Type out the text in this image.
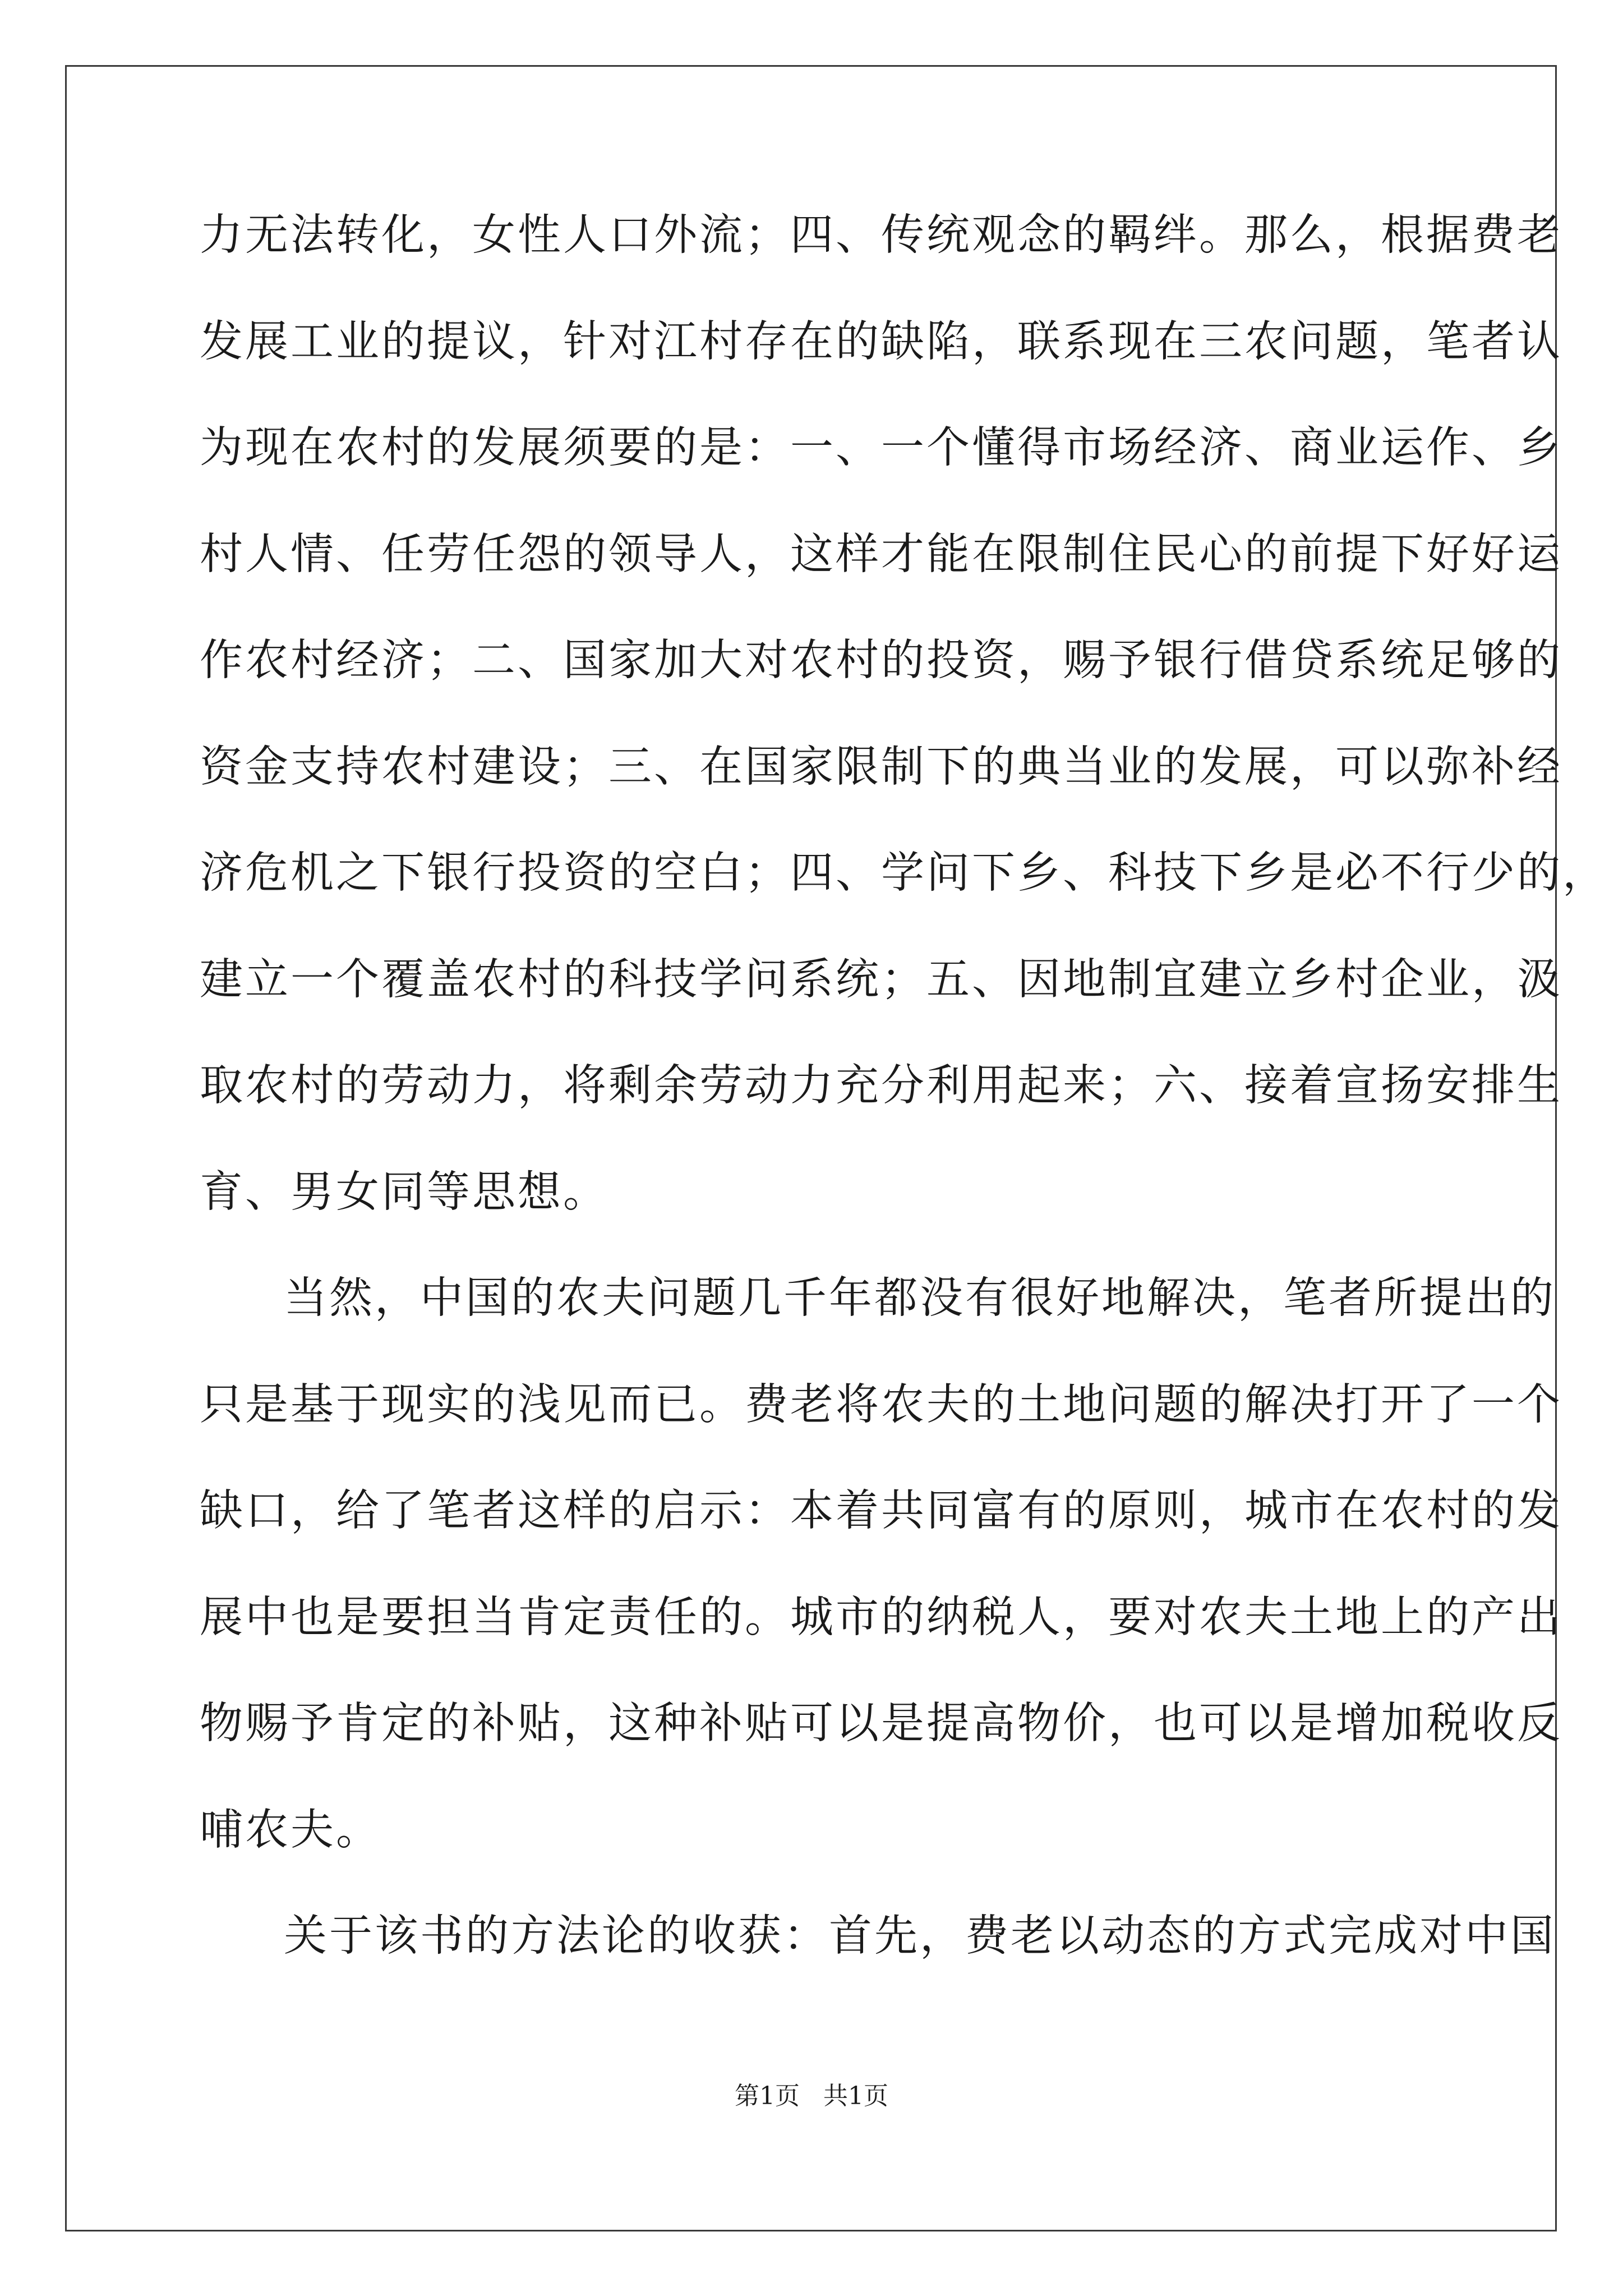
力无法转化，女性人口外流；四、传统观念的羁绊。那么，根据费老
发展工业的提议，针对江村存在的缺陷，联系现在三农问题，笔者认
为现在农村的发展须要的是：一、一个懂得市场经济、商业运作、乡
村人情、任劳任怨的领导人，这样才能在限制住民心的前提下好好运
作农村经济；二、国家加大对农村的投资，赐予银行借贷系统足够的
资金支持农村建设；三、在国家限制下的典当业的发展，可以弥补经
济危机之下银行投资的空白；四、学问下乡、科技下乡是必不行少的，
建立一个覆盖农村的科技学问系统；五、因地制宜建立乡村企业，汲
取农村的劳动力，将剩余劳动力充分利用起来；六、接着宣扬安排生
育、男女同等思想。
当然，中国的农夫问题几千年都没有很好地解决，笔者所提出的
只是基于现实的浅见而已。费老将农夫的土地问题的解决打开了一个
缺口，给了笔者这样的启示：本着共同富有的原则，城市在农村的发
展中也是要担当肯定责任的。城市的纳税人，要对农夫土地上的产出
物赐予肯定的补贴，这种补贴可以是提高物价，也可以是增加税收反
哺农夫。
关于该书的方法论的收获：首先，费老以动态的方式完成对中国
第1页 共1页
